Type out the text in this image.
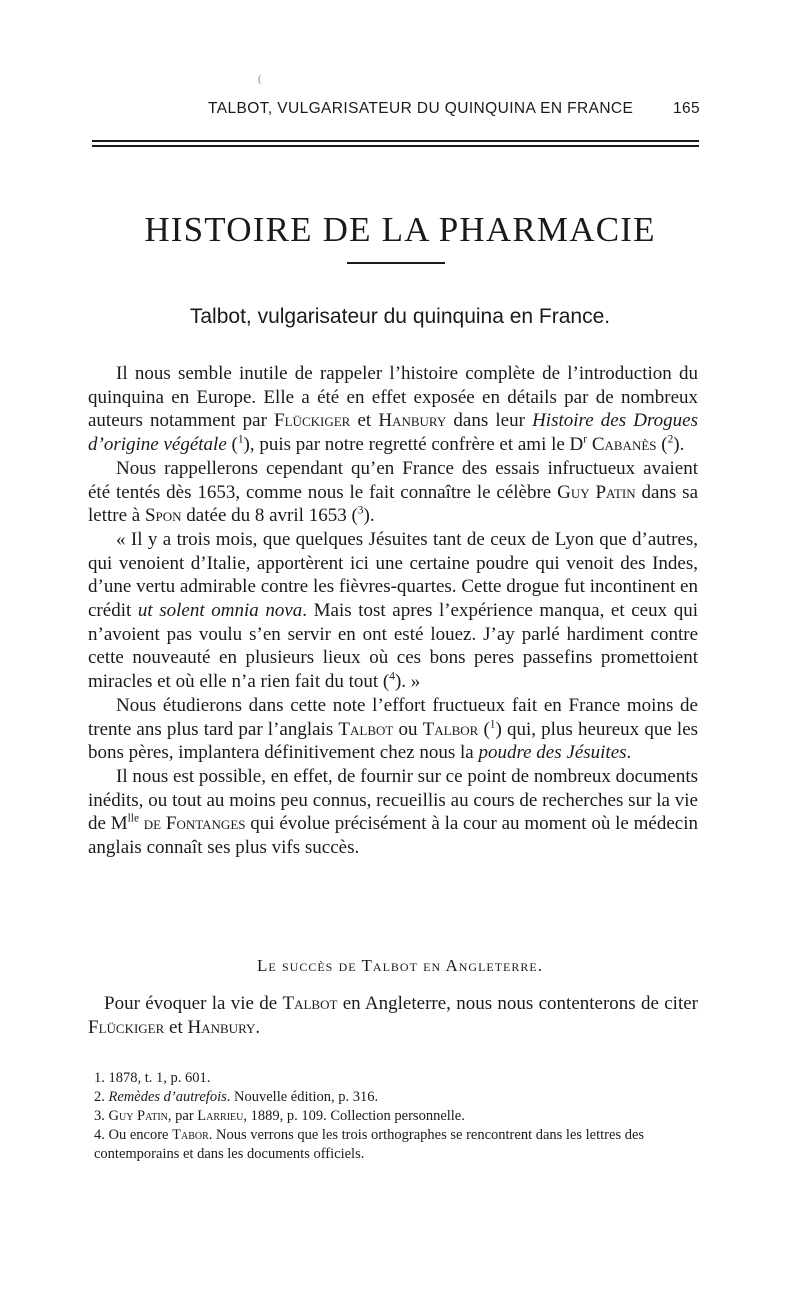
(
TALBOT, VULGARISATEUR DU QUINQUINA EN FRANCE	165
HISTOIRE DE LA PHARMACIE
Talbot, vulgarisateur du quinquina en France.

Il nous semble inutile de rappeler l’histoire complète de l’introduction du quinquina en Europe. Elle a été en effet exposée en détails par de nombreux auteurs notamment par Flückiger et Hanbury dans leur Histoire des Drogues d’origine végétale ($^1$), puis par notre regretté confrère et ami le $D^r$ Cabanès ($^2$).

Nous rappellerons cependant qu’en France des essais infructueux avaient été tentés dès 1653, comme nous le fait connaître le célèbre Guy Patin dans sa lettre à Spon datée du 8 avril 1653 ($^3$).

« Il y a trois mois, que quelques Jésuites tant de ceux de Lyon que d’autres, qui venoient d’Italie, apportèrent ici une certaine poudre qui venoit des Indes, d’une vertu admirable contre les fièvres-quartes. Cette drogue fut incontinent en crédit ut solent omnia nova. Mais tost apres l’expérience manqua, et ceux qui n’avoient pas voulu s’en servir en ont esté louez. J’ay parlé hardiment contre cette nouveauté en plusieurs lieux où ces bons peres passefins promettoient miracles et où elle n’a rien fait du tout ($^4$). »

Nous étudierons dans cette note l’effort fructueux fait en France moins de trente ans plus tard par l’anglais Talbot ou Talbor ($^1$) qui, plus heureux que les bons pères, implantera définitivement chez nous la poudre des Jésuites.

Il nous est possible, en effet, de fournir sur ce point de nombreux documents inédits, ou tout au moins peu connus, recueillis au cours de recherches sur la vie de $M^{lle}$ de Fontanges qui évolue précisément à la cour au moment où le médecin anglais connaît ses plus vifs succès.

Le succès de Talbot en Angleterre.

Pour évoquer la vie de Talbot en Angleterre, nous nous contenterons de citer Flückiger et Hanbury.

1. 1878, t. 1, p. 601.

2. Remèdes d’autrefois. Nouvelle édition, p. 316.

3. Guy Patin, par Larrieu, 1889, p. 109. Collection personnelle.

4. Ou encore Tabor. Nous verrons que les trois orthographes se rencontrent dans les lettres des contemporains et dans les documents officiels.
